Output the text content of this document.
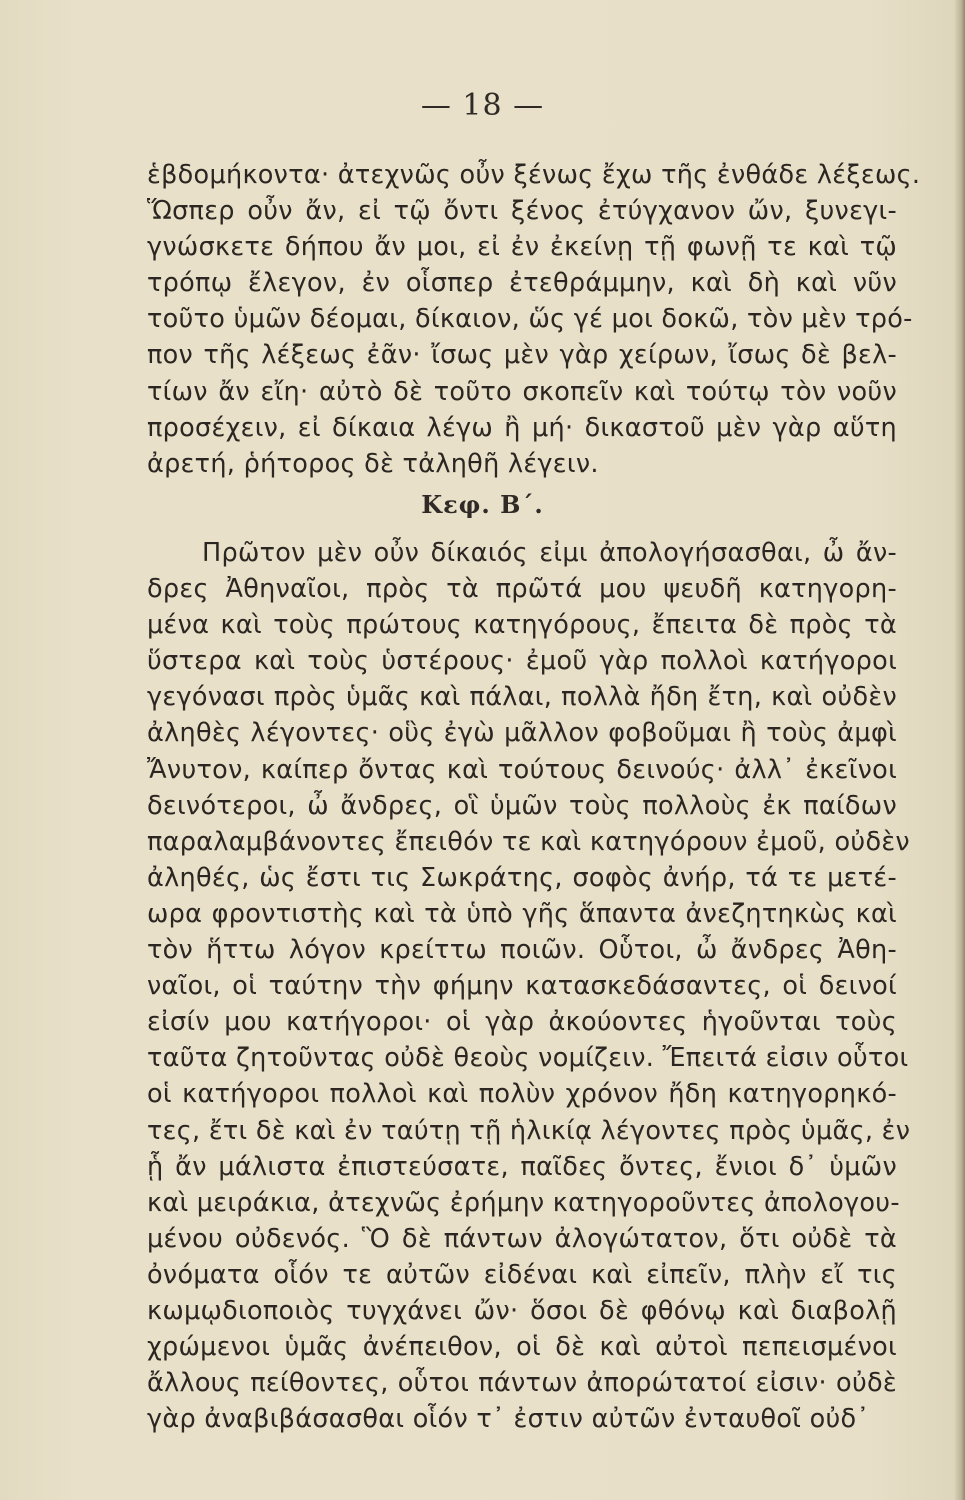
— 18 —
ἑβδομήκοντα· ἀτεχνῶς οὖν ξένως ἔχω τῆς ἐνθάδε λέξεως.
Ὥσπερ οὖν ἄν, εἰ τῷ ὄντι ξένος ἐτύγχανον ὤν, ξυνεγι-
γνώσκετε δήπου ἄν μοι, εἰ ἐν ἐκείνῃ τῇ φωνῇ τε καὶ τῷ
τρόπῳ ἔλεγον, ἐν οἷσπερ ἐτεθράμμην, καὶ δὴ καὶ νῦν
τοῦτο ὑμῶν δέομαι, δίκαιον, ὥς γέ μοι δοκῶ, τὸν μὲν τρό-
πον τῆς λέξεως ἐᾶν· ἴσως μὲν γὰρ χείρων, ἴσως δὲ βελ-
τίων ἄν εἴη· αὐτὸ δὲ τοῦτο σκοπεῖν καὶ τούτῳ τὸν νοῦν
προσέχειν, εἰ δίκαια λέγω ἢ μή· δικαστοῦ μὲν γὰρ αὕτη
ἀρετή, ῥήτορος δὲ τἀληθῆ λέγειν.
Κεφ. Β΄.
Πρῶτον μὲν οὖν δίκαιός εἰμι ἀπολογήσασθαι, ὦ ἄν-
δρες Ἀθηναῖοι, πρὸς τὰ πρῶτά μου ψευδῆ κατηγορη-
μένα καὶ τοὺς πρώτους κατηγόρους, ἔπειτα δὲ πρὸς τὰ
ὕστερα καὶ τοὺς ὑστέρους· ἐμοῦ γὰρ πολλοὶ κατήγοροι
γεγόνασι πρὸς ὑμᾶς καὶ πάλαι, πολλὰ ἤδη ἔτη, καὶ οὐδὲν
ἀληθὲς λέγοντες· οὓς ἐγὼ μᾶλλον φοβοῦμαι ἢ τοὺς ἀμφὶ
Ἄνυτον, καίπερ ὄντας καὶ τούτους δεινούς· ἀλλ᾽ ἐκεῖνοι
δεινότεροι, ὦ ἄνδρες, οἳ ὑμῶν τοὺς πολλοὺς ἐκ παίδων
παραλαμβάνοντες ἔπειθόν τε καὶ κατηγόρουν ἐμοῦ, οὐδὲν
ἀληθές, ὡς ἔστι τις Σωκράτης, σοφὸς ἀνήρ, τά τε μετέ-
ωρα φροντιστὴς καὶ τὰ ὑπὸ γῆς ἅπαντα ἀνεζητηκὼς καὶ
τὸν ἥττω λόγον κρείττω ποιῶν. Οὗτοι, ὦ ἄνδρες Ἀθη-
ναῖοι, οἱ ταύτην τὴν φήμην κατασκεδάσαντες, οἱ δεινοί
εἰσίν μου κατήγοροι· οἱ γὰρ ἀκούοντες ἡγοῦνται τοὺς
ταῦτα ζητοῦντας οὐδὲ θεοὺς νομίζειν. Ἔπειτά εἰσιν οὗτοι
οἱ κατήγοροι πολλοὶ καὶ πολὺν χρόνον ἤδη κατηγορηκό-
τες, ἔτι δὲ καὶ ἐν ταύτῃ τῇ ἡλικίᾳ λέγοντες πρὸς ὑμᾶς, ἐν
ᾗ ἄν μάλιστα ἐπιστεύσατε, παῖδες ὄντες, ἔνιοι δ᾽ ὑμῶν
καὶ μειράκια, ἀτεχνῶς ἐρήμην κατηγοροῦντες ἀπολογου-
μένου οὐδενός. Ὃ δὲ πάντων ἀλογώτατον, ὅτι οὐδὲ τὰ
ὀνόματα οἷόν τε αὐτῶν εἰδέναι καὶ εἰπεῖν, πλὴν εἴ τις
κωμῳδιοποιὸς τυγχάνει ὤν· ὅσοι δὲ φθόνῳ καὶ διαβολῇ
χρώμενοι ὑμᾶς ἀνέπειθον, οἱ δὲ καὶ αὐτοὶ πεπεισμένοι
ἄλλους πείθοντες, οὗτοι πάντων ἀπορώτατοί εἰσιν· οὐδὲ
γὰρ ἀναβιβάσασθαι οἷόν τ᾽ ἐστιν αὐτῶν ἐνταυθοῖ οὐδ᾽
